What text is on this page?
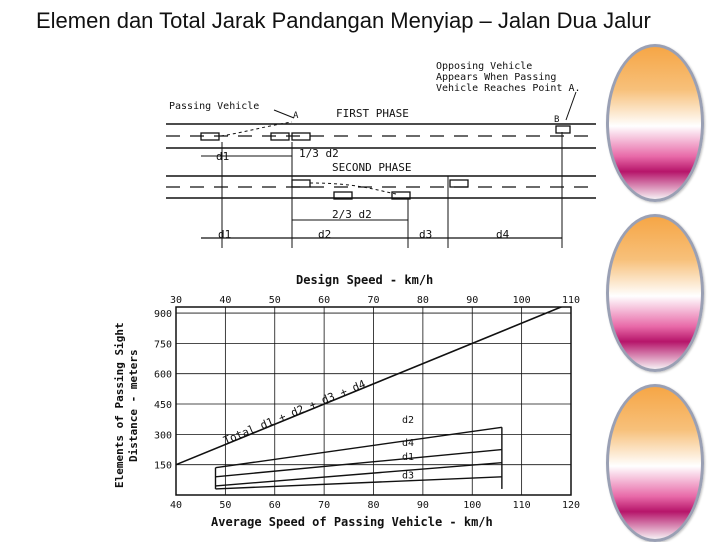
Elemen dan Total Jarak Pandangan Menyiap – Jalan Dua Jalur
Opposing Vehicle
Appears When Passing
Vehicle Reaches Point A.
Passing Vehicle
A	B
FIRST PHASE
SECOND PHASE
d1	1/3 d2
2/3 d2
d1	d2	d3	d4
Design Speed - km/h
Average Speed of Passing Vehicle - km/h
Elements of Passing Sight Distance - meters
40	50	60	70	80	90	100	110	120
30	40	50	60	70	80	90	100	110
150
300
450
600
750
900
Total d1 + d2 + d3 + d4	d2
d4
d1
d3
